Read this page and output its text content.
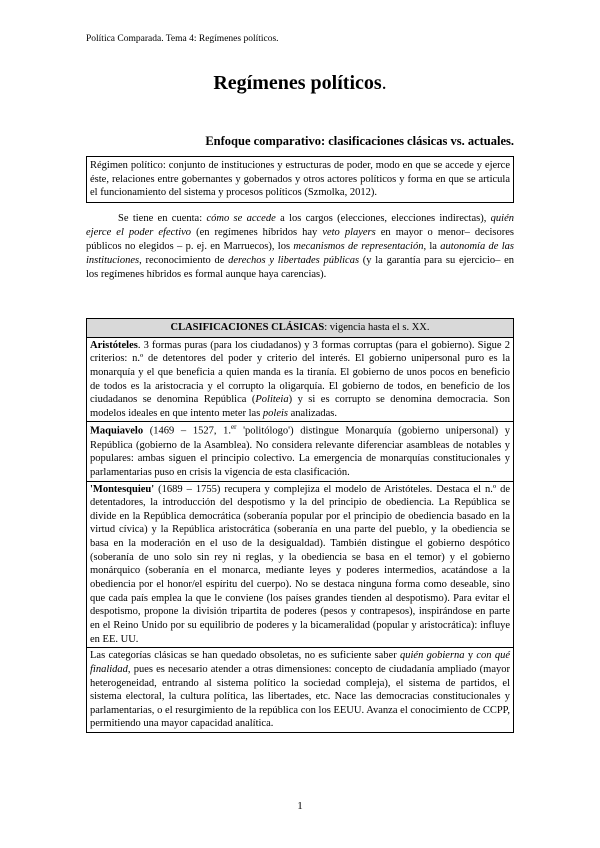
Política Comparada. Tema 4: Regímenes políticos.
Regímenes políticos.
Enfoque comparativo: clasificaciones clásicas vs. actuales.
Régimen político: conjunto de instituciones y estructuras de poder, modo en que se accede y ejerce éste, relaciones entre gobernantes y gobernados y otros actores políticos y forma en que se articula el funcionamiento del sistema y procesos políticos (Szmolka, 2012).
Se tiene en cuenta: cómo se accede a los cargos (elecciones, elecciones indirectas), quién ejerce el poder efectivo (en regímenes híbridos hay veto players en mayor o menor– decisores públicos no elegidos – p. ej. en Marruecos), los mecanismos de representación, la autonomía de las instituciones, reconocimiento de derechos y libertades públicas (y la garantía para su ejercicio– en los regímenes híbridos es formal aunque haya carencias).
CLASIFICACIONES CLÁSICAS: vigencia hasta el s. XX.
Aristóteles. 3 formas puras (para los ciudadanos) y 3 formas corruptas (para el gobierno). Sigue 2 criterios: n.º de detentores del poder y criterio del interés. El gobierno unipersonal puro es la monarquía y el que beneficia a quien manda es la tiranía. El gobierno de unos pocos en beneficio de todos es la aristocracia y el corrupto la oligarquía. El gobierno de todos, en beneficio de los ciudadanos se denomina República (Politeia) y si es corrupto se denomina democracia. Son modelos ideales en que intento meter las poleis analizadas.
Maquiavelo (1469 – 1527, 1.$^{er}$ 'politólogo') distingue Monarquía (gobierno unipersonal) y República (gobierno de la Asamblea). No considera relevante diferenciar asambleas de notables y populares: ambas siguen el principio colectivo. La emergencia de monarquías constitucionales y parlamentarias puso en crisis la vigencia de esta clasificación.
'Montesquieu' (1689 – 1755) recupera y complejiza el modelo de Aristóteles. Destaca el n.º de detentadores, la introducción del despotismo y la del principio de obediencia. La República se divide en la República democrática (soberanía popular por el principio de obediencia basado en la virtud cívica) y la República aristocrática (soberanía en una parte del pueblo, y la obediencia se basa en la moderación en el uso de la desigualdad). También distingue el gobierno despótico (soberanía de uno solo sin rey ni reglas, y la obediencia se basa en el temor) y el gobierno monárquico (soberanía en el monarca, mediante leyes y poderes intermedios, acatándose a la obediencia por el honor/el espíritu del cuerpo). No se destaca ninguna forma como deseable, sino que cada país emplea la que le conviene (los países grandes tienden al despotismo). Para evitar el despotismo, propone la división tripartita de poderes (pesos y contrapesos), inspirándose en parte en el Reino Unido por su equilibrio de poderes y la bicameralidad (popular y aristocrática): influye en EE. UU.
Las categorías clásicas se han quedado obsoletas, no es suficiente saber quién gobierna y con qué finalidad, pues es necesario atender a otras dimensiones: concepto de ciudadanía ampliado (mayor heterogeneidad, entrando al sistema político la sociedad compleja), el sistema de partidos, el sistema electoral, la cultura política, las libertades, etc. Nace las democracias constitucionales y parlamentarias, o el resurgimiento de la república con los EEUU. Avanza el conocimiento de CCPP, permitiendo una mayor capacidad analítica.
1
